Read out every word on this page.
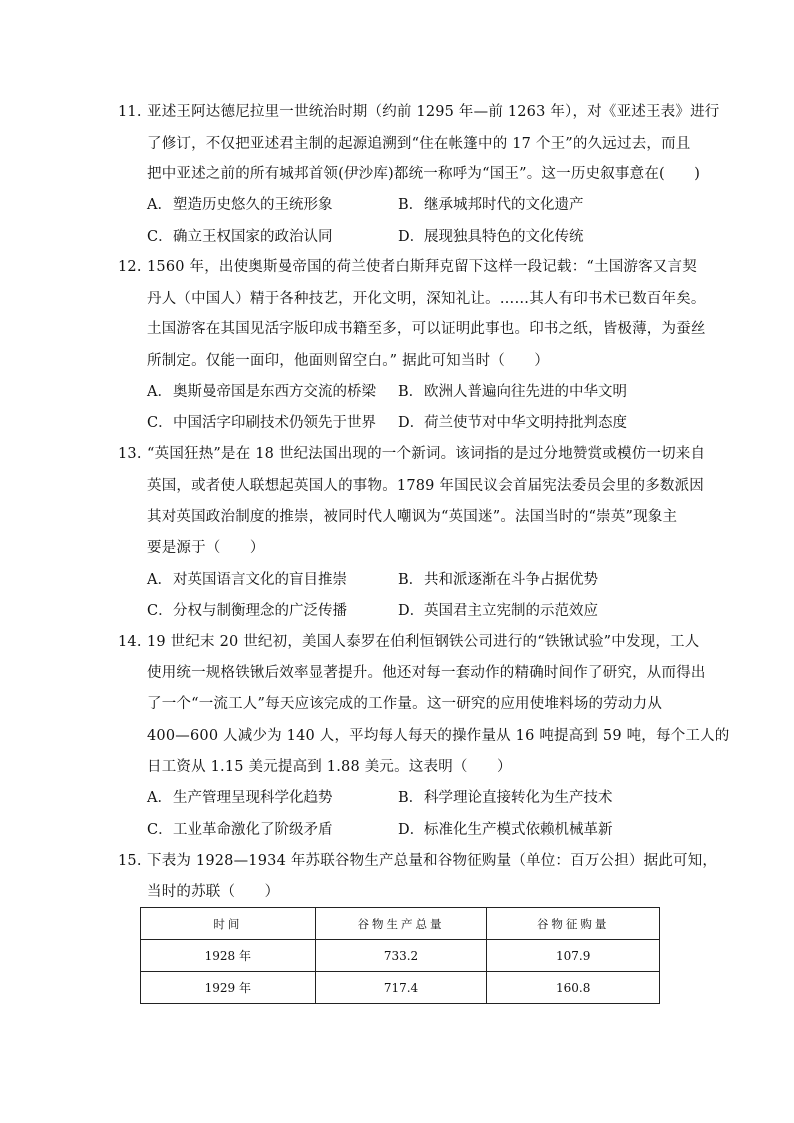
11. 亚述王阿达德尼拉里一世统治时期（约前 1295 年—前 1263 年），对《亚述王表》进行
了修订，不仅把亚述君主制的起源追溯到“住在帐篷中的 17 个王”的久远过去，而且
把中亚述之前的所有城邦首领(伊沙库)都统一称呼为“国王”。这一历史叙事意在(　　)
A．塑造历史悠久的王统形象	B．继承城邦时代的文化遗产
C．确立王权国家的政治认同	D．展现独具特色的文化传统
12. 1560 年，出使奥斯曼帝国的荷兰使者白斯拜克留下这样一段记载：“土国游客又言契
丹人（中国人）精于各种技艺，开化文明，深知礼让。……其人有印书术已数百年矣。
土国游客在其国见活字版印成书籍至多，可以证明此事也。印书之纸，皆极薄，为蚕丝
所制定。仅能一面印，他面则留空白。” 据此可知当时（　　）
A．奥斯曼帝国是东西方交流的桥梁 B．欧洲人普遍向往先进的中华文明
C．中国活字印刷技术仍领先于世界 D．荷兰使节对中华文明持批判态度
13. “英国狂热”是在 18 世纪法国出现的一个新词。该词指的是过分地赞赏或模仿一切来自
英国，或者使人联想起英国人的事物。1789 年国民议会首届宪法委员会里的多数派因
其对英国政治制度的推崇，被同时代人嘲讽为“英国迷”。法国当时的“崇英”现象主
要是源于（　　）
A．对英国语言文化的盲目推崇	B．共和派逐渐在斗争占据优势
C．分权与制衡理念的广泛传播	D．英国君主立宪制的示范效应
14. 19 世纪末 20 世纪初，美国人泰罗在伯利恒钢铁公司进行的“铁锹试验”中发现，工人
使用统一规格铁锹后效率显著提升。他还对每一套动作的精确时间作了研究，从而得出
了一个“一流工人”每天应该完成的工作量。这一研究的应用使堆料场的劳动力从
400—600 人减少为 140 人，平均每人每天的操作量从 16 吨提高到 59 吨，每个工人的
日工资从 1.15 美元提高到 1.88 美元。这表明（　　）
A．生产管理呈现科学化趋势	B．科学理论直接转化为生产技术
C．工业革命激化了阶级矛盾	D．标准化生产模式依赖机械革新
15. 下表为 1928—1934 年苏联谷物生产总量和谷物征购量（单位：百万公担）据此可知，
当时的苏联（　　）
时间	谷物生产总量	谷物征购量
1928 年	733.2	107.9
1929 年	717.4	160.8
